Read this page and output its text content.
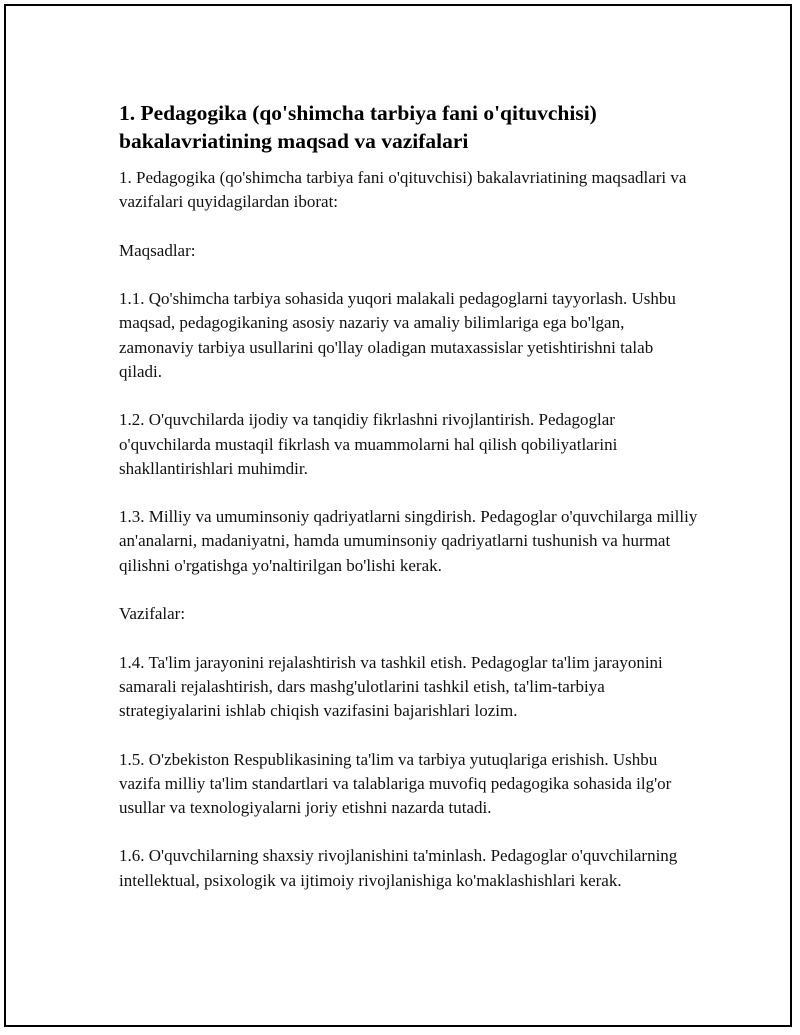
1. Pedagogika (qo'shimcha tarbiya fani o'qituvchisi)
bakalavriatining maqsad va vazifalari

1. Pedagogika (qo'shimcha tarbiya fani o'qituvchisi) bakalavriatining maqsadlari va vazifalari quyidagilardan iborat:

Maqsadlar:

1.1. Qo'shimcha tarbiya sohasida yuqori malakali pedagoglarni tayyorlash. Ushbu maqsad, pedagogikaning asosiy nazariy va amaliy bilimlariga ega bo'lgan, zamonaviy tarbiya usullarini qo'llay oladigan mutaxassislar yetishtirishni talab qiladi.

1.2. O'quvchilarda ijodiy va tanqidiy fikrlashni rivojlantirish. Pedagoglar o'quvchilarda mustaqil fikrlash va muammolarni hal qilish qobiliyatlarini shakllantirishlari muhimdir.

1.3. Milliy va umuminsoniy qadriyatlarni singdirish. Pedagoglar o'quvchilarga milliy an'analarni, madaniyatni, hamda umuminsoniy qadriyatlarni tushunish va hurmat qilishni o'rgatishga yo'naltirilgan bo'lishi kerak.

Vazifalar:

1.4. Ta'lim jarayonini rejalashtirish va tashkil etish. Pedagoglar ta'lim jarayonini samarali rejalashtirish, dars mashg'ulotlarini tashkil etish, ta'lim-tarbiya strategiyalarini ishlab chiqish vazifasini bajarishlari lozim.

1.5. O'zbekiston Respublikasining ta'lim va tarbiya yutuqlariga erishish. Ushbu vazifa milliy ta'lim standartlari va talablariga muvofiq pedagogika sohasida ilg'or usullar va texnologiyalarni joriy etishni nazarda tutadi.

1.6. O'quvchilarning shaxsiy rivojlanishini ta'minlash. Pedagoglar o'quvchilarning intellektual, psixologik va ijtimoiy rivojlanishiga ko'maklashishlari kerak.
